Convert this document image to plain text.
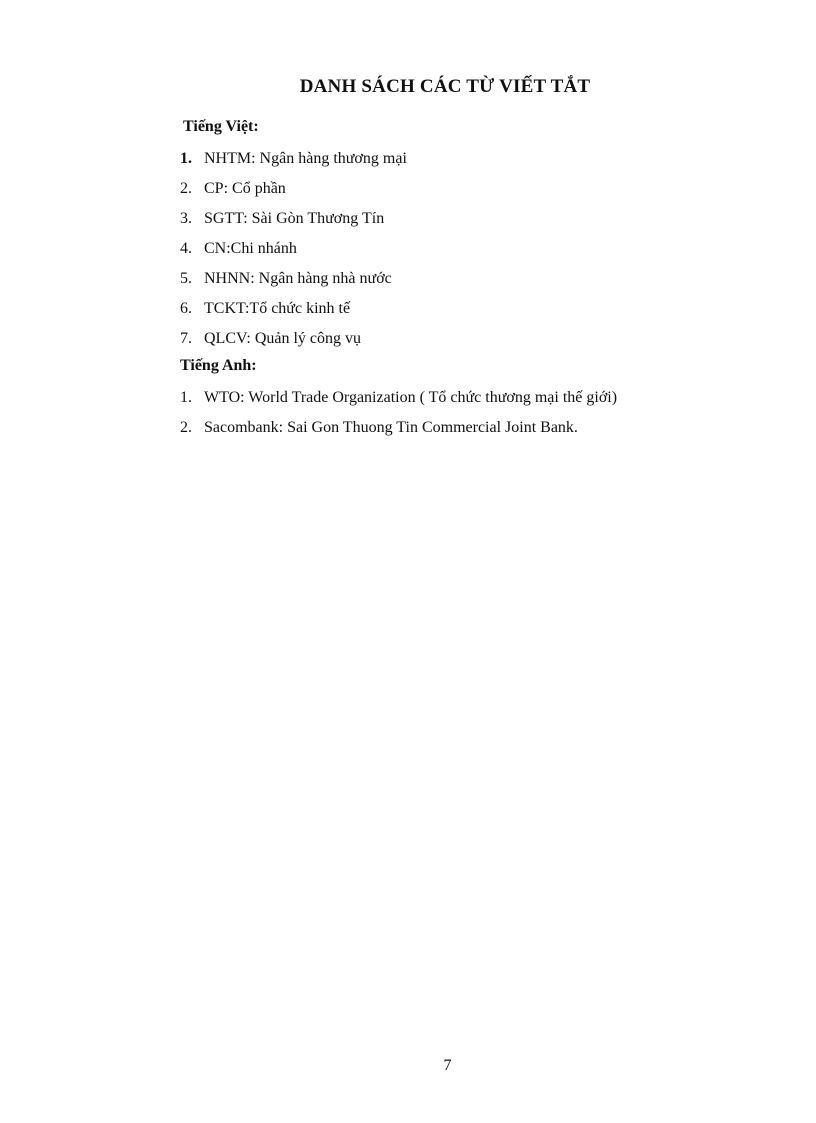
DANH SÁCH CÁC TỪ VIẾT TẮT
Tiếng Việt:
1. NHTM: Ngân hàng thương mại
2. CP: Cổ phần
3. SGTT: Sài Gòn Thương Tín
4. CN:Chi nhánh
5. NHNN: Ngân hàng nhà nước
6. TCKT:Tổ chức kinh tế
7. QLCV: Quản lý công vụ
Tiếng Anh:
1. WTO: World Trade Organization ( Tổ chức thương mại thế giới)
2. Sacombank: Sai Gon Thuong Tin Commercial Joint Bank.
7
